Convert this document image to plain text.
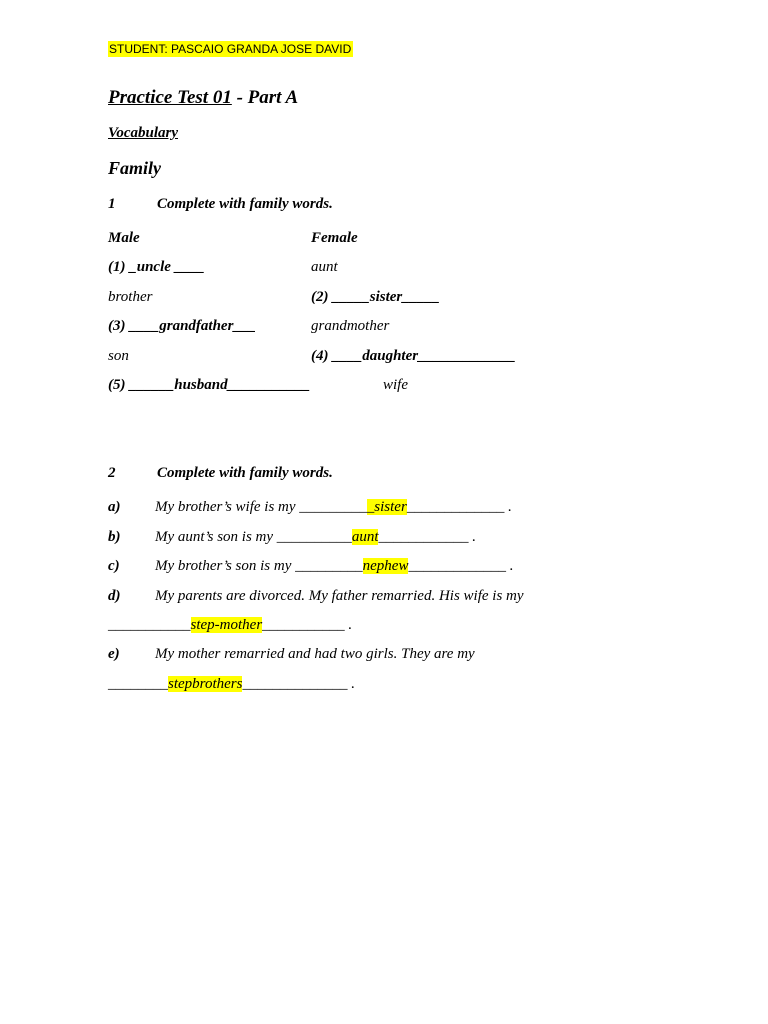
STUDENT: PASCAIO GRANDA JOSE DAVID
Practice Test 01 - Part A
Vocabulary
Family
1	Complete with family words.
Male	Female
(1) _uncle ____	aunt
brother	(2) _____sister_____
(3) ____grandfather___	grandmother
son	(4) ____daughter_____________
(5) ______husband___________	wife
2	Complete with family words.
a) My brother’s wife is my __________sister_____________ .
b) My aunt’s son is my __________aunt____________ .
c) My brother’s son is my _________nephew_____________ .
d) My parents are divorced. My father remarried. His wife is my
___________step-mother___________ .
e) My mother remarried and had two girls. They are my
________stepbrothers______________ .
